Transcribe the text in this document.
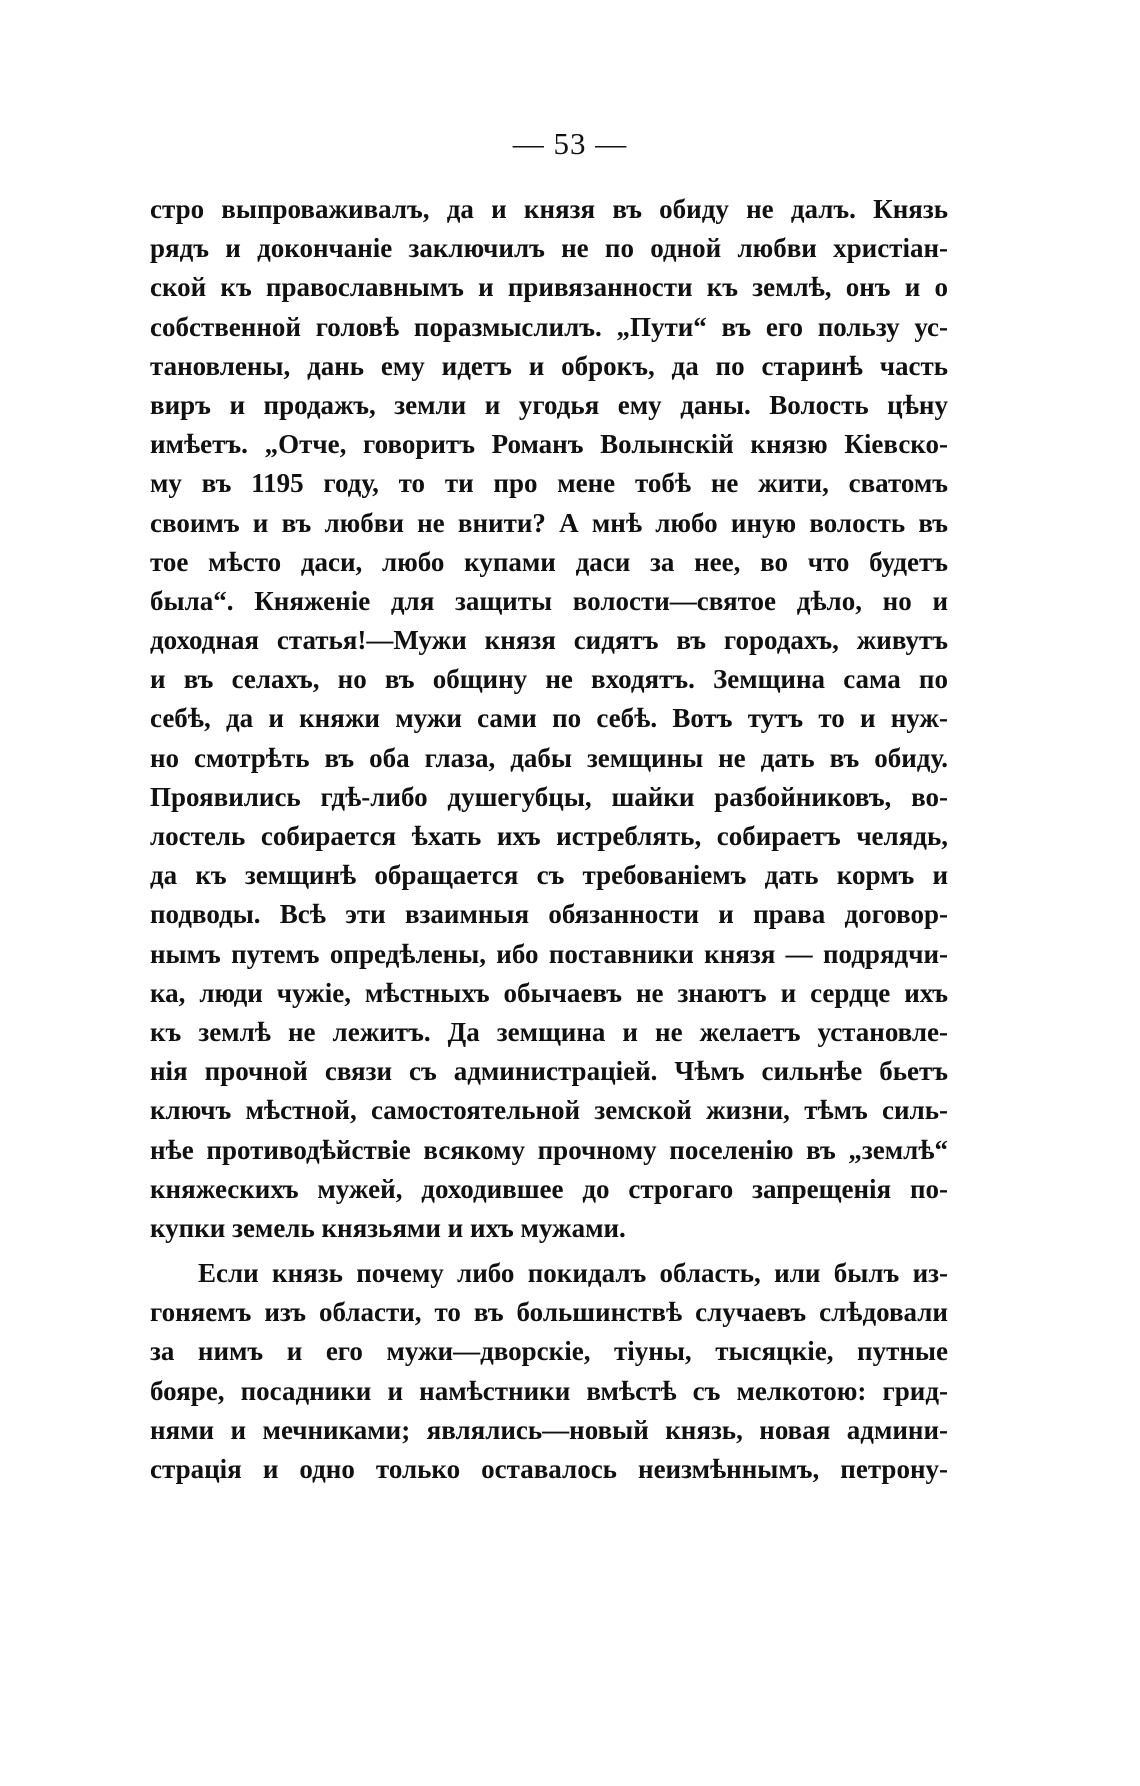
— 53 —
стро выпроваживалъ, да и князя въ обиду не далъ. Князь
рядъ и докончаніе заключилъ не по одной любви христіан-
ской къ православнымъ и привязанности къ землѣ, онъ и о
собственной головѣ поразмыслилъ. „Пути“ въ его пользу ус-
тановлены, дань ему идетъ и оброкъ, да по старинѣ часть
виръ и продажъ, земли и угодья ему даны. Волость цѣну
имѣетъ. „Отче, говоритъ Романъ Волынскій князю Кіевско-
му въ 1195 году, то ти про мене тобѣ не жити, сватомъ
своимъ и въ любви не внити? А мнѣ любо иную волость въ
тое мѣсто даси, любо купами даси за нее, во что будетъ
была“. Княженіе для защиты волости—святое дѣло, но и
доходная статья!—Мужи князя сидятъ въ городахъ, живутъ
и въ селахъ, но въ общину не входятъ. Земщина сама по
себѣ, да и княжи мужи сами по себѣ. Вотъ тутъ то и нуж-
но смотрѣть въ оба глаза, дабы земщины не дать въ обиду.
Проявились гдѣ-либо душегубцы, шайки разбойниковъ, во-
лостель собирается ѣхать ихъ истреблять, собираетъ челядь,
да къ земщинѣ обращается съ требованіемъ дать кормъ и
подводы. Всѣ эти взаимныя обязанности и права договор-
нымъ путемъ опредѣлены, ибо поставники князя — подрядчи-
ка, люди чужіе, мѣстныхъ обычаевъ не знаютъ и сердце ихъ
къ землѣ не лежитъ. Да земщина и не желаетъ установле-
нія прочной связи съ администраціей. Чѣмъ сильнѣе бьетъ
ключъ мѣстной, самостоятельной земской жизни, тѣмъ силь-
нѣе противодѣйствіе всякому прочному поселенію въ „землѣ“
княжескихъ мужей, доходившее до строгаго запрещенія по-
купки земель князьями и ихъ мужами.
Если князь почему либо покидалъ область, или былъ из-
гоняемъ изъ области, то въ большинствѣ случаевъ слѣдовали
за нимъ и его мужи—дворскіе, тіуны, тысяцкіе, путные
бояре, посадники и намѣстники вмѣстѣ съ мелкотою: грид-
нями и мечниками; являлись—новый князь, новая админи-
страція и одно только оставалось неизмѣннымъ, петрону-
